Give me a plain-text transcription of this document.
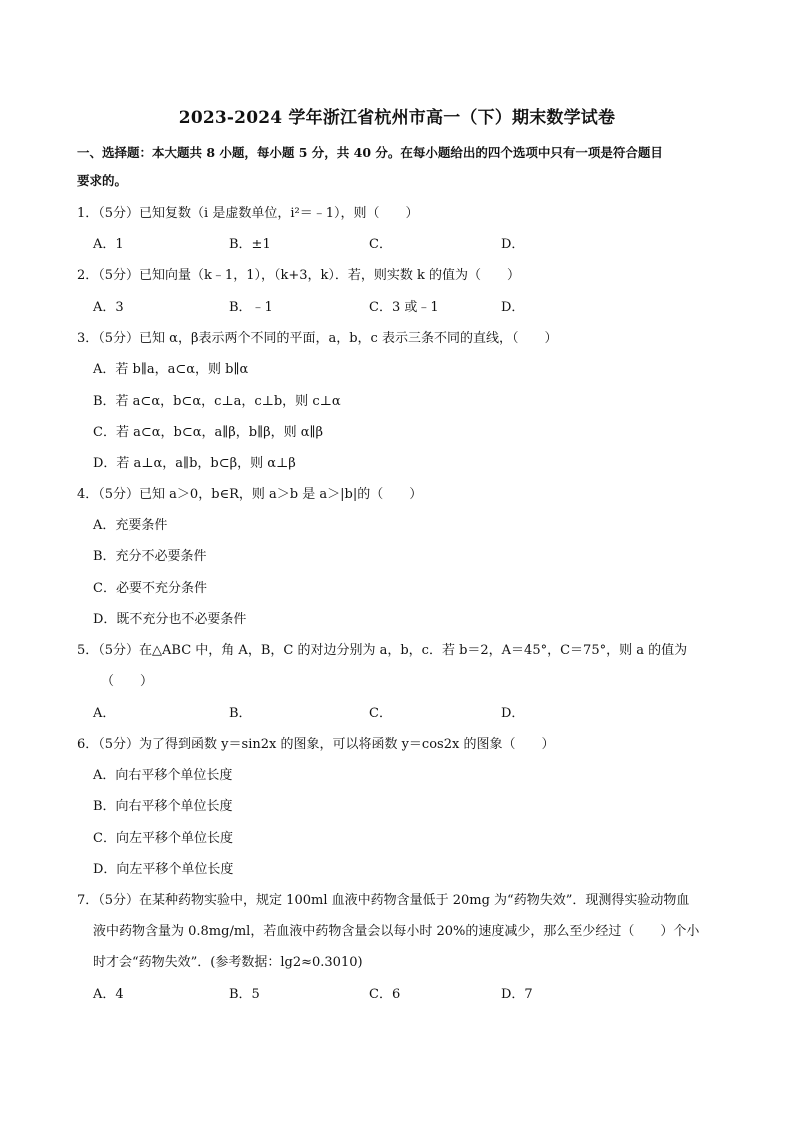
2023-2024 学年浙江省杭州市高一（下）期末数学试卷
一、选择题：本大题共 8 小题，每小题 5 分，共 40 分。在每小题给出的四个选项中只有一项是符合题目
要求的。
1．（5分）已知复数（i 是虚数单位，i²＝﹣1），则（　　）
A．1	B．±1	C．	D．
2．（5分）已知向量（k﹣1，1），（k+3，k）．若，则实数 k 的值为（　　）
A．3	B．﹣1	C．3 或﹣1	D．
3．（5分）已知 α，β表示两个不同的平面，a，b，c 表示三条不同的直线，（　　）
A．若 b∥a，a⊂α，则 b∥α
B．若 a⊂α，b⊂α，c⊥a，c⊥b，则 c⊥α
C．若 a⊂α，b⊂α，a∥β，b∥β，则 α∥β
D．若 a⊥α，a∥b，b⊂β，则 α⊥β
4．（5分）已知 a＞0，b∈R，则 a＞b 是 a＞|b|的（　　）
A．充要条件
B．充分不必要条件
C．必要不充分条件
D．既不充分也不必要条件
5．（5分）在△ABC 中，角 A，B，C 的对边分别为 a，b，c．若 b＝2，A＝45°，C＝75°，则 a 的值为
（　　）
A．	B．	C．	D．
6．（5分）为了得到函数 y＝sin2x 的图象，可以将函数 y＝cos2x 的图象（　　）
A．向右平移个单位长度
B．向右平移个单位长度
C．向左平移个单位长度
D．向左平移个单位长度
7．（5分）在某种药物实验中，规定 100ml 血液中药物含量低于 20mg 为“药物失效”．现测得实验动物血
液中药物含量为 0.8mg/ml，若血液中药物含量会以每小时 20%的速度减少，那么至少经过（　　）个小
时才会“药物失效”．(参考数据：lg2≈0.3010)
A．4	B．5	C．6	D．7
